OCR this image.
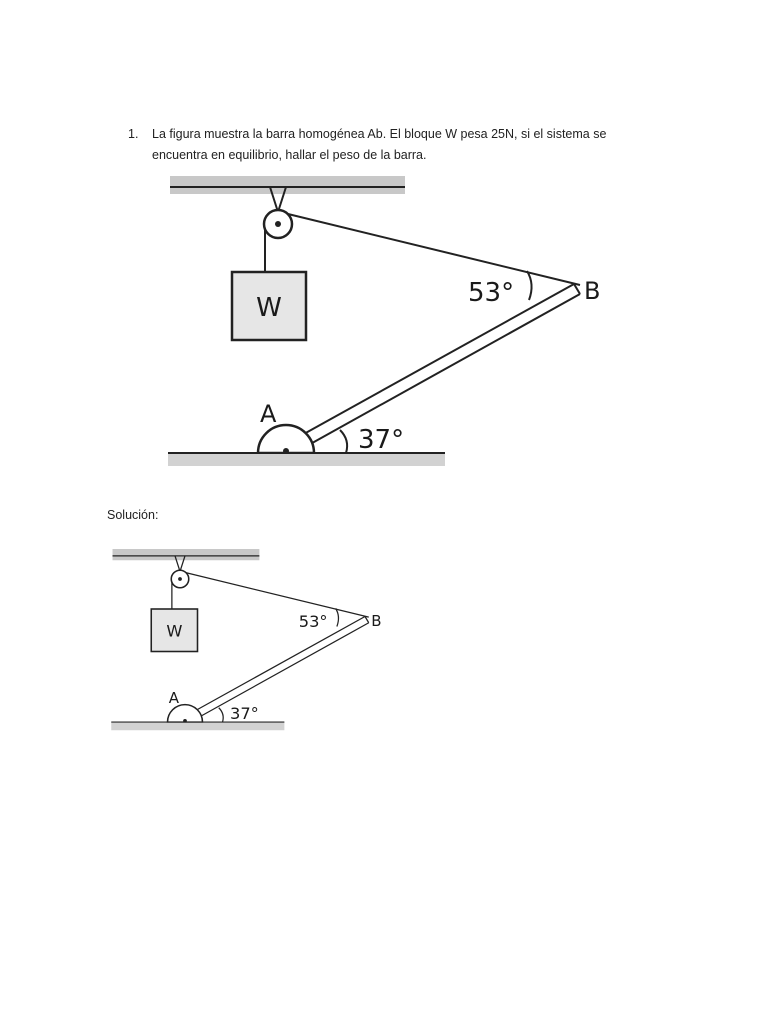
1. La figura muestra la barra homogénea Ab. El bloque W pesa 25N, si el sistema se encuentra en equilibrio, hallar el peso de la barra.
W
A
B
53°
37°
Solución:
W
A
B
53°
37°
